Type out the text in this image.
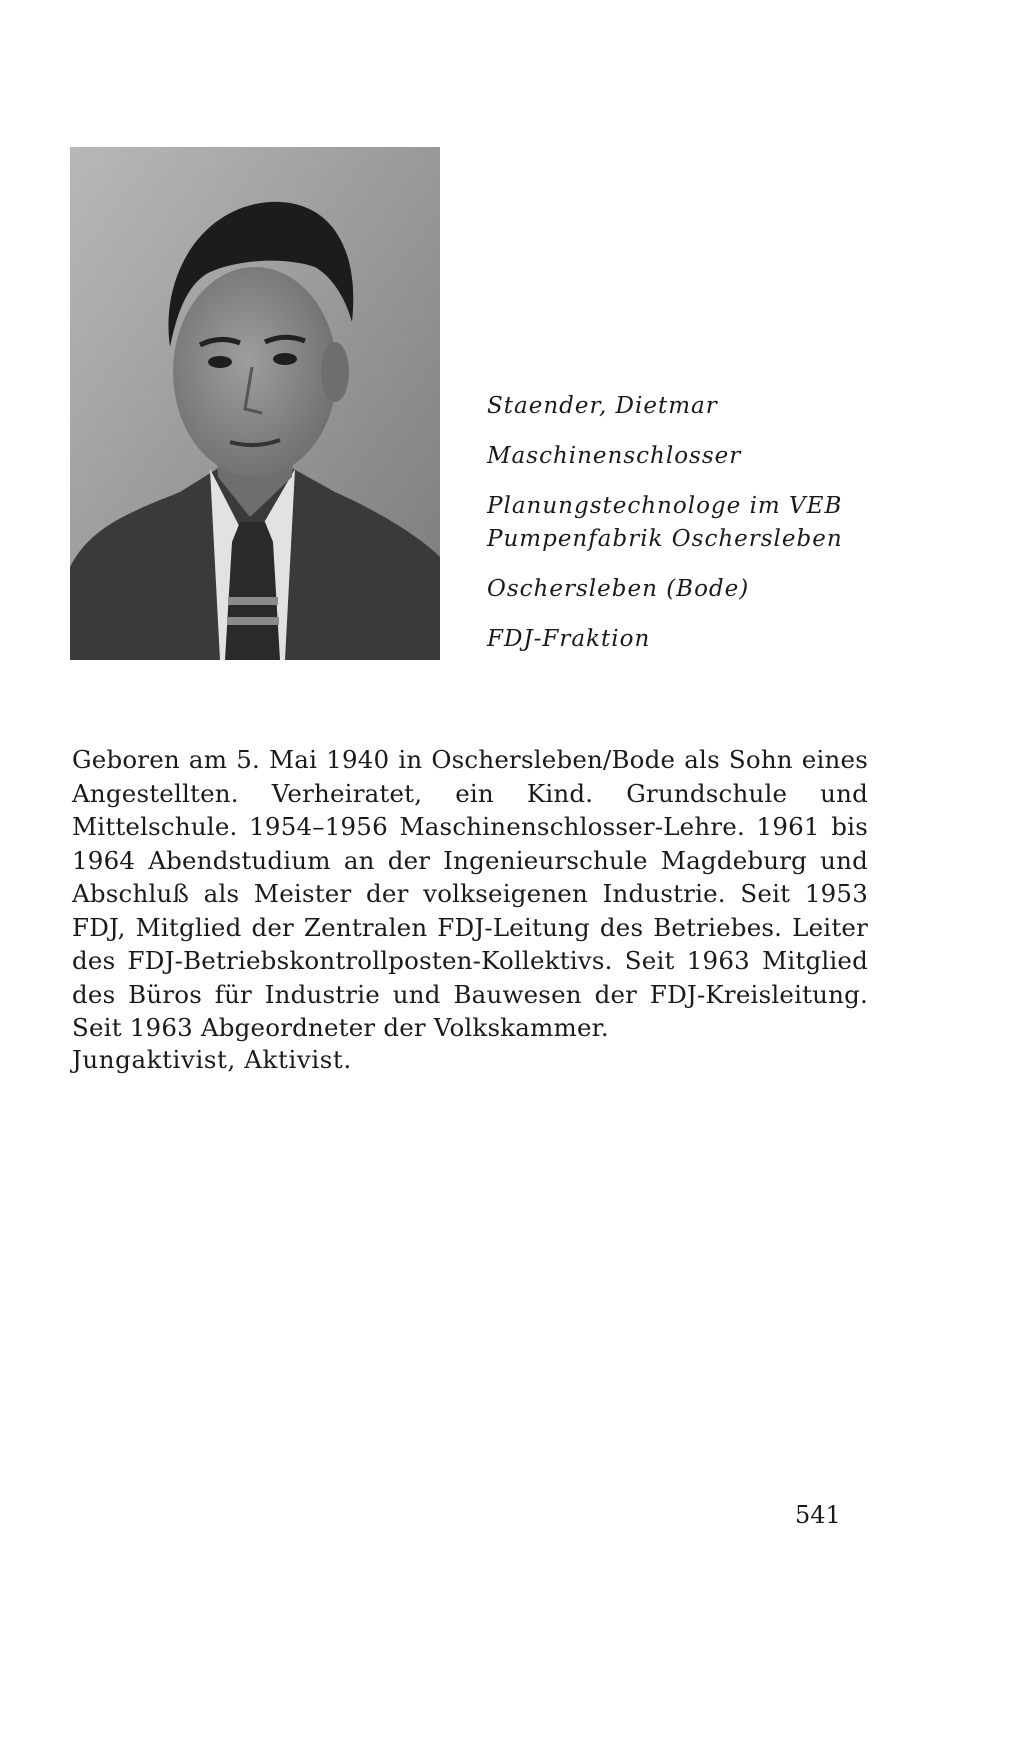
Staender, Dietmar
Maschinenschlosser
Planungstechnologe im VEB
Pumpenfabrik Oschersleben
Oschersleben (Bode)
FDJ-Fraktion

Geboren am 5. Mai 1940 in Oschersleben/Bode als Sohn eines Angestellten. Verheiratet, ein Kind. Grundschule und Mittelschule. 1954–1956 Maschinenschlosser-Lehre. 1961 bis 1964 Abendstudium an der Ingenieurschule Magdeburg und Abschluß als Meister der volkseigenen Industrie. Seit 1953 FDJ, Mitglied der Zentralen FDJ-Leitung des Betriebes. Leiter des FDJ-Betriebskontrollposten-Kollektivs. Seit 1963 Mitglied des Büros für Industrie und Bauwesen der FDJ-Kreisleitung. Seit 1963 Abgeordneter der Volkskammer.

Jungaktivist, Aktivist.

541
